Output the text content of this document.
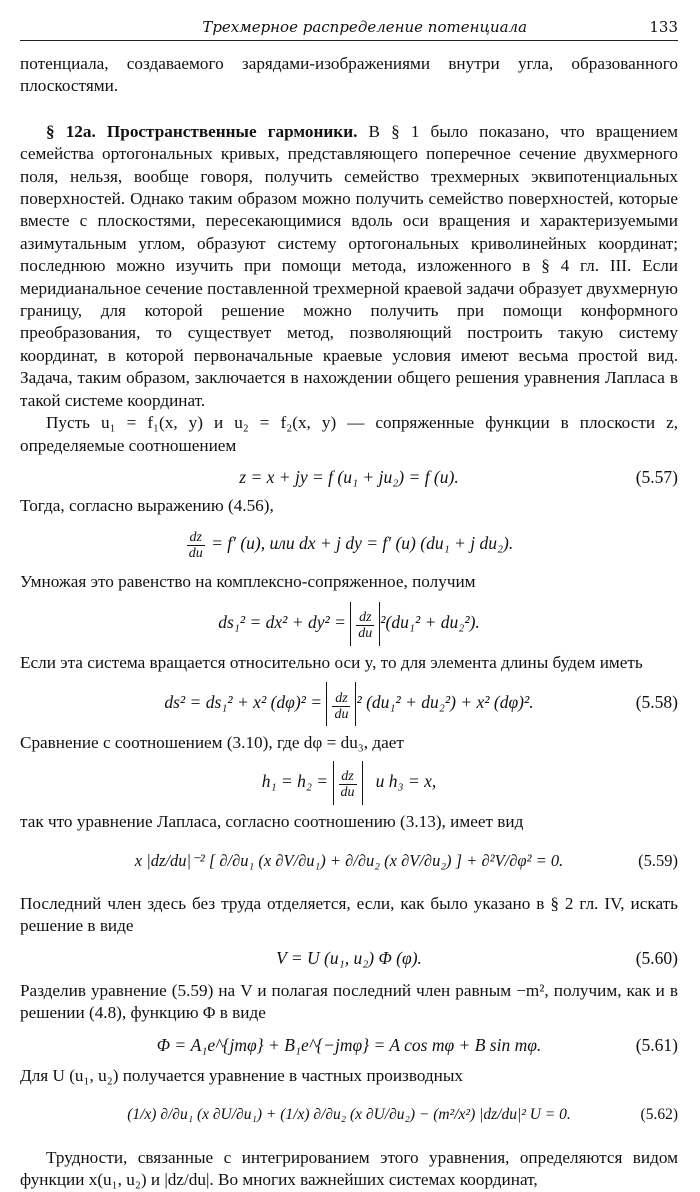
Трехмерное распределение потенциала	133

потенциала, создаваемого зарядами-изображениями внутри угла, образованного плоскостями.

§ 12а. Пространственные гармоники. В § 1 было показано, что вращением семейства ортогональных кривых, представляющего поперечное сечение двухмерного поля, нельзя, вообще говоря, получить семейство трехмерных эквипотенциальных поверхностей. Однако таким образом можно получить семейство поверхностей, которые вместе с плоскостями, пересекающимися вдоль оси вращения и характеризуемыми азимутальным углом, образуют систему ортогональных криволинейных координат; последнюю можно изучить при помощи метода, изложенного в § 4 гл. III. Если меридианальное сечение поставленной трехмерной краевой задачи образует двухмерную границу, для которой решение можно получить при помощи конформного преобразования, то существует метод, позволяющий построить такую систему координат, в которой первоначальные краевые условия имеют весьма простой вид. Задача, таким образом, заключается в нахождении общего решения уравнения Лапласа в такой системе координат.

Пусть u₁ = f₁(x, y) и u₂ = f₂(x, y) — сопряженные функции в плоскости z, определяемые соотношением

z = x + jy = f (u₁ + ju₂) = f (u).	(5.57)

Тогда, согласно выражению (4.56),

$\frac{dz}{du} = f'$ (u), или dx + j dy = f′ (u) (du₁ + j du₂).

Умножая это равенство на комплексно-сопряженное, получим

$ds_1^2 = dx^2 + dy^2 = \frac{dz}{du} ^2(du_1^2 + du_2^2)$.

Если эта система вращается относительно оси y, то для элемента длины будем иметь

ds² = ds₁² + x² $(d\varphi)^2 = \frac{dz}{du} ^2$ (du₁² + du₂²) + x² (dφ)².	(5.58)

Сравнение с соотношением (3.10), где dφ = du₃, дает

$h_1 = h_2 = \frac{dz}{du}$ и h₃ = x,

так что уравнение Лапласа, согласно соотношению (3.13), имеет вид

x |dz/du|⁻² [ ∂/∂u₁ (x ∂V/∂u₁) + ∂/∂u₂ (x ∂V/∂u₂) ] + ∂²V/∂φ² = 0.	(5.59)

Последний член здесь без труда отделяется, если, как было указано в § 2 гл. IV, искать решение в виде

V = U (u₁, u₂) Φ (φ).	(5.60)

Разделив уравнение (5.59) на V и полагая последний член равным −m², получим, как и в решении (4.8), функцию Φ в виде

Φ = A₁e^{jmφ} + B₁e^{−jmφ} = A cos mφ + B sin mφ.	(5.61)

Для U (u₁, u₂) получается уравнение в частных производных

(1/x) ∂/∂u₁ (x ∂U/∂u₁) + (1/x) ∂/∂u₂ (x ∂U/∂u₂) − (m²/x²) |dz/du|² U = 0.	(5.62)

Трудности, связанные с интегрированием этого уравнения, определяются видом функции x(u₁, u₂) и |dz/du|. Во многих важнейших системах координат,
